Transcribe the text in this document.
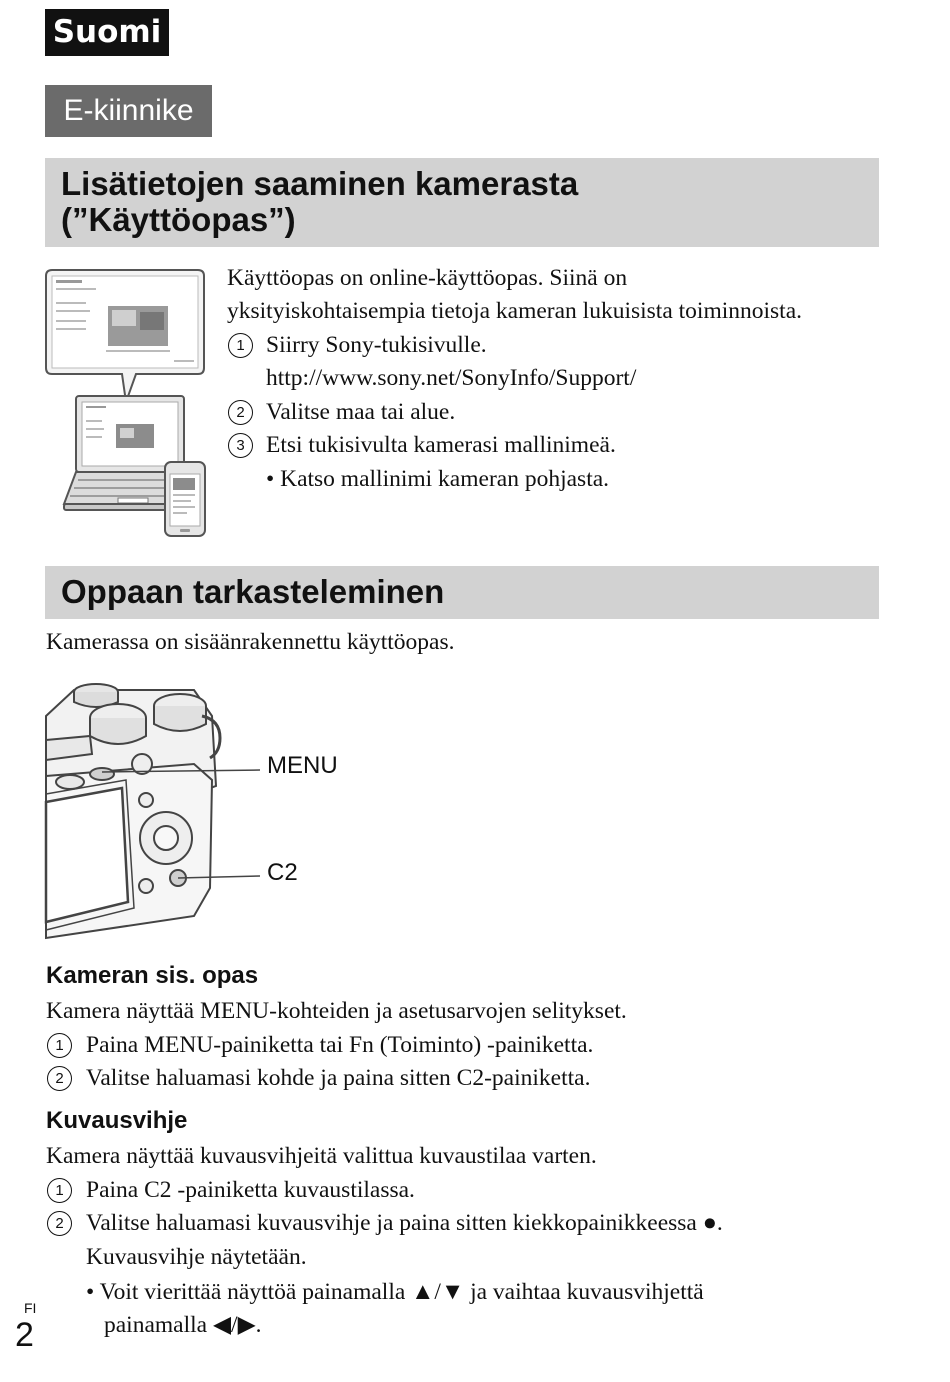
Suomi
E-kiinnike
Lisätietojen saaminen kamerasta
(”Käyttöopas”)
Käyttöopas on online-käyttöopas. Siinä on
yksityiskohtaisempia tietoja kameran lukuisista toiminnoista.
1 Siirry Sony-tukisivulle.
http://www.sony.net/SonyInfo/Support/
2 Valitse maa tai alue.
3 Etsi tukisivulta kamerasi mallinimeä.
• Katso mallinimi kameran pohjasta.
Oppaan tarkasteleminen
Kamerassa on sisäänrakennettu käyttöopas.
MENU
C2
Kameran sis. opas
Kamera näyttää MENU-kohteiden ja asetusarvojen selitykset.
1 Paina MENU-painiketta tai Fn (Toiminto) -painiketta.
2 Valitse haluamasi kohde ja paina sitten C2-painiketta.
Kuvausvihje
Kamera näyttää kuvausvihjeitä valittua kuvaustilaa varten.
1 Paina C2 -painiketta kuvaustilassa.
2 Valitse haluamasi kuvausvihje ja paina sitten kiekkopainikkeessa ●.
Kuvausvihje näytetään.
• Voit vierittää näyttöä painamalla ▲/▼ ja vaihtaa kuvausvihjettä
painamalla ◀/▶.
FI
2
